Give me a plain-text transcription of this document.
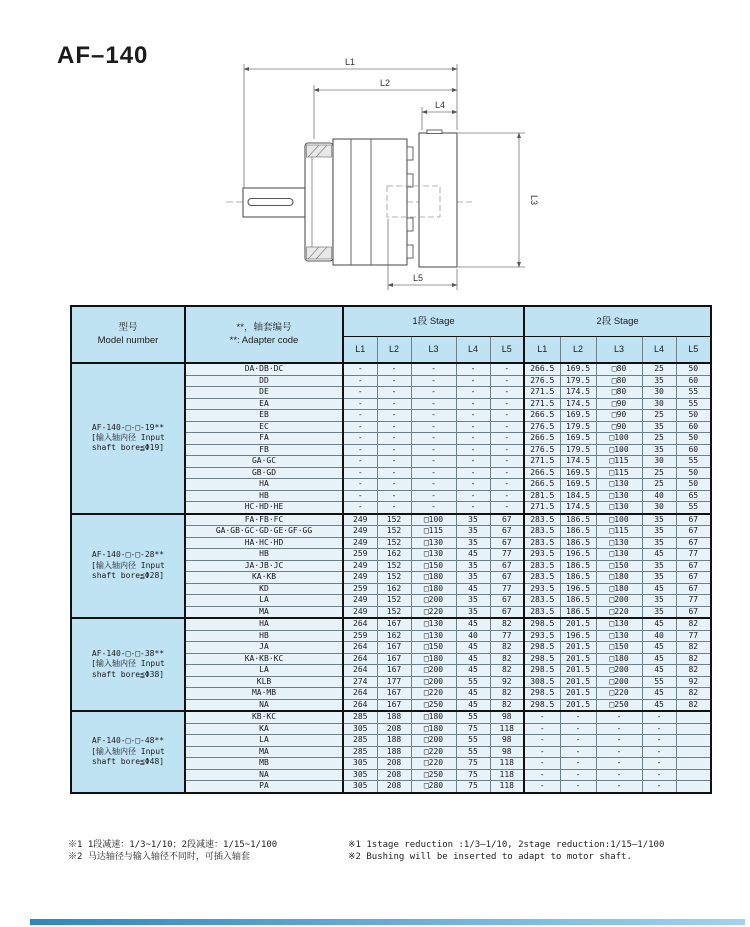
AF–140	L1
L2
L4
L3
L5
型号
Model number

**，轴套编号
**: Adapter code
	1段 Stage	2段 Stage
		L1	L2	L3	L4	L5	L1	L2	L3	L4	L5

AF-140-□-□-19**
[输入轴内径 Input
shaft bore≦Φ19]	DA·DB·DC	-	-	-	-	-	266.5	169.5	□80	25	50
	DD	-	-	-	-	-	276.5	179.5	□80	35	60
	DE	-	-	-	-	-	271.5	174.5	□80	30	55
	EA	-	-	-	-	-	271.5	174.5	□90	30	55
	EB	-	-	-	-	-	266.5	169.5	□90	25	50
	EC	-	-	-	-	-	276.5	179.5	□90	35	60
	FA	-	-	-	-	-	266.5	169.5	□100	25	50
	FB	-	-	-	-	-	276.5	179.5	□100	35	60
	GA·GC	-	-	-	-	-	271.5	174.5	□115	30	55
	GB·GD	-	-	-	-	-	266.5	169.5	□115	25	50
	HA	-	-	-	-	-	266.5	169.5	□130	25	50
	HB	-	-	-	-	-	281.5	184.5	□130	40	65
	HC·HD·HE	-	-	-	-	-	271.5	174.5	□130	30	55

AF-140-□-□-28**
[输入轴内径 Input
shaft bore≦Φ28]	FA·FB·FC	249	152	□100	35	67	283.5	186.5	□100	35	67
	GA·GB·GC·GD·GE·GF·GG	249	152	□115	35	67	283.5	186.5	□115	35	67
	HA·HC·HD	249	152	□130	35	67	283.5	186.5	□130	35	67
	HB	259	162	□130	45	77	293.5	196.5	□130	45	77
	JA·JB·JC	249	152	□150	35	67	283.5	186.5	□150	35	67
	KA·KB	249	152	□180	35	67	283.5	186.5	□180	35	67
	KD	259	162	□180	45	77	293.5	196.5	□180	45	67
	LA	249	152	□200	35	67	283.5	186.5	□200	35	77
	MA	249	152	□220	35	67	283.5	186.5	□220	35	67

AF-140-□-□-38**
[输入轴内径 Input
shaft bore≦Φ38]	HA	264	167	□130	45	82	298.5	201.5	□130	45	82
	HB	259	162	□130	40	77	293.5	196.5	□130	40	77
	JA	264	167	□150	45	82	298.5	201.5	□150	45	82
	KA·KB·KC	264	167	□180	45	82	298.5	201.5	□180	45	82
	LA	264	167	□200	45	82	298.5	201.5	□200	45	82
	KLB	274	177	□200	55	92	308.5	201.5	□200	55	92
	MA·MB	264	167	□220	45	82	298.5	201.5	□220	45	82
	NA	264	167	□250	45	82	298.5	201.5	□250	45	82

AF-140-□-□-48**
[输入轴内径 Input
shaft bore≦Φ48]	KB·KC	285	188	□180	55	98	-	-	-	-	
	KA	305	208	□180	75	118	-	-	-	-	
	LA	285	188	□200	55	98	-	-	-	-	
	MA	285	188	□220	55	98	-	-	-	-	
	MB	305	208	□220	75	118	-	-	-	-	
	NA	305	208	□250	75	118	-	-	-	-	
	PA	305	208	□280	75	118	-	-	-	-	
※1 1段减速：1/3~1/10；2段减速：1/15~1/100
※2 马达轴径与输入轴径不同时，可插入轴套
※1 1stage reduction :1/3—1/10, 2stage reduction:1/15—1/100
※2 Bushing will be inserted to adapt to motor shaft.
